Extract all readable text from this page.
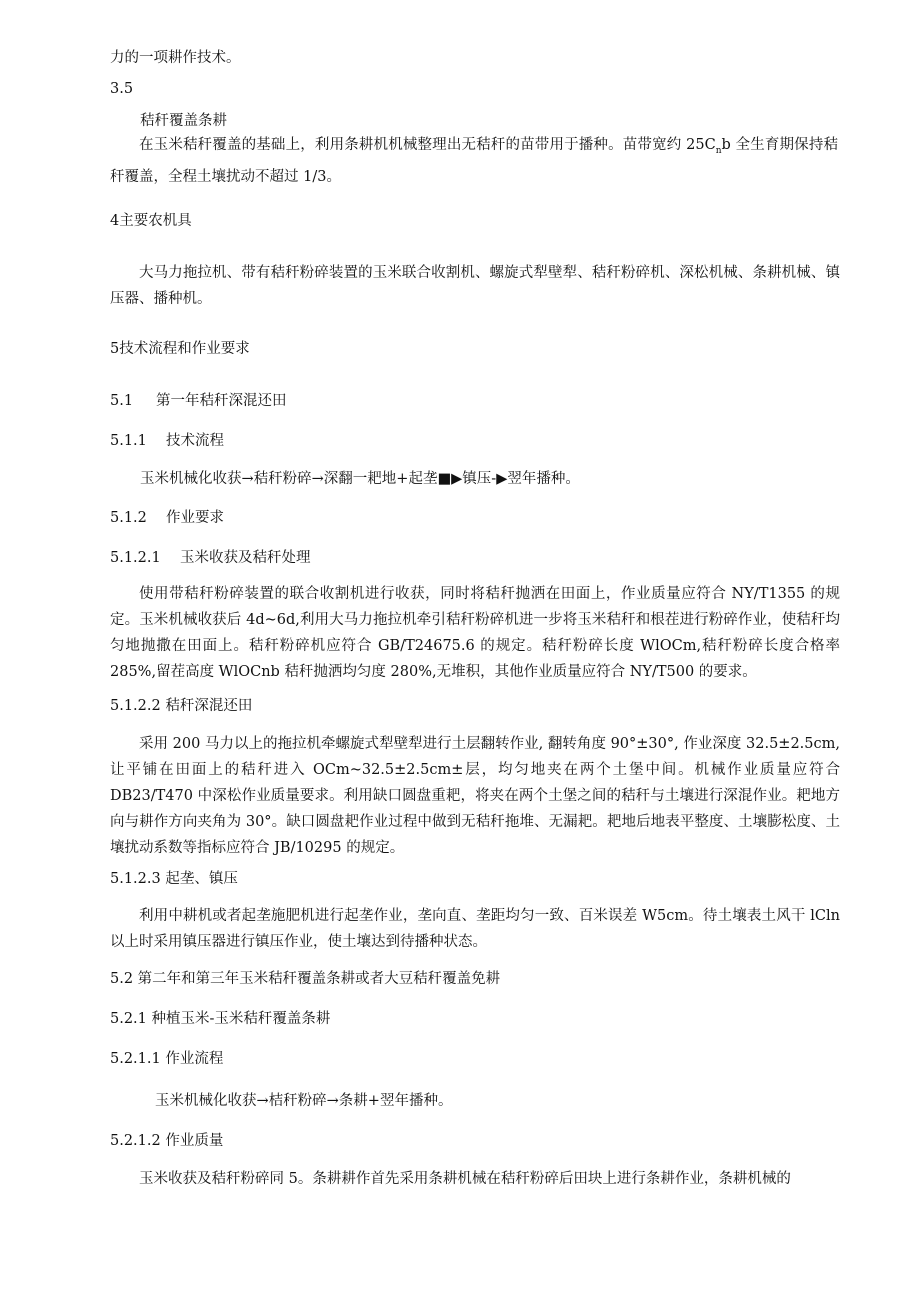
力的一项耕作技术。
3.5
秸秆覆盖条耕
在玉米秸秆覆盖的基础上，利用条耕机机械整理出无秸秆的苗带用于播种。苗带宽约 $25C_nb$ 全生育期保持秸秆覆盖，全程土壤扰动不超过 1/3。
4主要农机具
大马力拖拉机、带有秸秆粉碎装置的玉米联合收割机、螺旋式犁壁犁、秸秆粉碎机、深松机械、条耕机械、镇压器、播种机。
5技术流程和作业要求
5.1 第一年秸秆深混还田
5.1.1 技术流程
玉米机械化收获→秸秆粉碎→深翻一耙地+起垄■▶镇压-▶翌年播种。
5.1.2 作业要求
5.1.2.1 玉米收获及秸秆处理
使用带秸秆粉碎装置的联合收割机进行收获，同时将秸秆抛洒在田面上，作业质量应符合 NY/T1355 的规定。玉米机械收获后 4d~6d,利用大马力拖拉机牵引秸秆粉碎机进一步将玉米秸秆和根茬进行粉碎作业，使秸秆均匀地抛撒在田面上。秸秆粉碎机应符合 GB/T24675.6 的规定。秸秆粉碎长度 WlOCm,秸秆粉碎长度合格率 285%,留茬高度 WlOCnb 秸秆抛洒均匀度 280%,无堆积，其他作业质量应符合 NY/T500 的要求。
5.1.2.2 秸秆深混还田
采用 200 马力以上的拖拉机牵螺旋式犁壁犁进行土层翻转作业, 翻转角度 90°±30°, 作业深度 32.5±2.5cm,让平铺在田面上的秸秆进入 OCm~32.5±2.5cm±层，均匀地夹在两个土堡中间。机械作业质量应符合 DB23/T470 中深松作业质量要求。利用缺口圆盘重耙，将夹在两个土堡之间的秸秆与土壤进行深混作业。耙地方向与耕作方向夹角为 30°。缺口圆盘耙作业过程中做到无秸秆拖堆、无漏耙。耙地后地表平整度、土壤膨松度、土壤扰动系数等指标应符合 JB/10295 的规定。
5.1.2.3 起垄、镇压
利用中耕机或者起垄施肥机进行起垄作业，垄向直、垄距均匀一致、百米误差 W5cm。待土壤表土风干 lCln 以上时采用镇压器进行镇压作业，使土壤达到待播种状态。
5.2 第二年和第三年玉米秸秆覆盖条耕或者大豆秸秆覆盖免耕
5.2.1 种植玉米-玉米秸秆覆盖条耕
5.2.1.1 作业流程
玉米机械化收获→桔秆粉碎→条耕+翌年播种。
5.2.1.2 作业质量
玉米收获及秸秆粉碎同 5。条耕耕作首先采用条耕机械在秸秆粉碎后田块上进行条耕作业，条耕机械的
